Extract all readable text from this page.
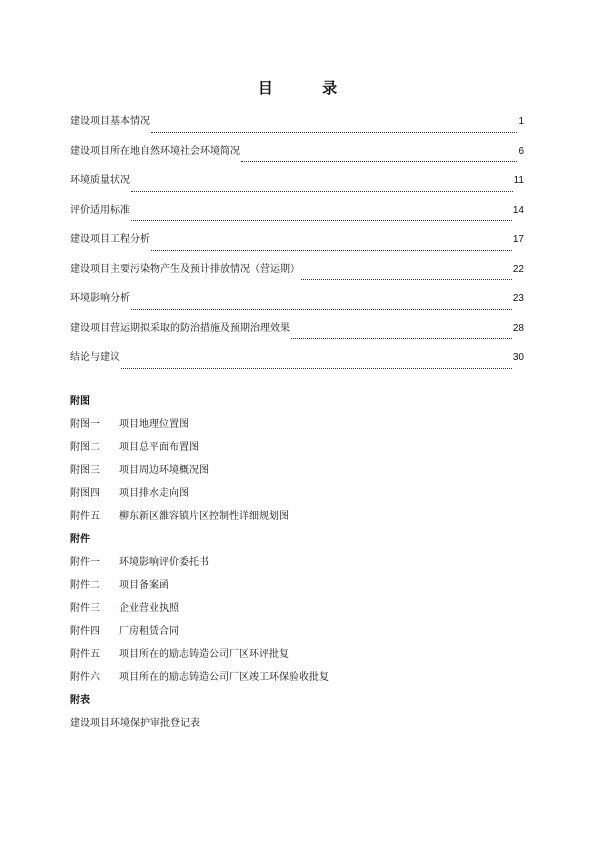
目 录
建设项目基本情况	1
建设项目所在地自然环境社会环境简况	6
环境质量状况	11
评价适用标准	14
建设项目工程分析	17
建设项目主要污染物产生及预计排放情况（营运期）	22
环境影响分析	23
建设项目营运期拟采取的防治措施及预期治理效果	28
结论与建议	30
附图
附图一	项目地理位置图
附图二	项目总平面布置图
附图三	项目周边环境概况图
附图四	项目排水走向图
附件五	柳东新区雒容镇片区控制性详细规划图
附件
附件一	环境影响评价委托书
附件二	项目备案函
附件三	企业营业执照
附件四	厂房租赁合同
附件五	项目所在的励志铸造公司厂区环评批复
附件六	项目所在的励志铸造公司厂区竣工环保验收批复
附表
建设项目环境保护审批登记表
